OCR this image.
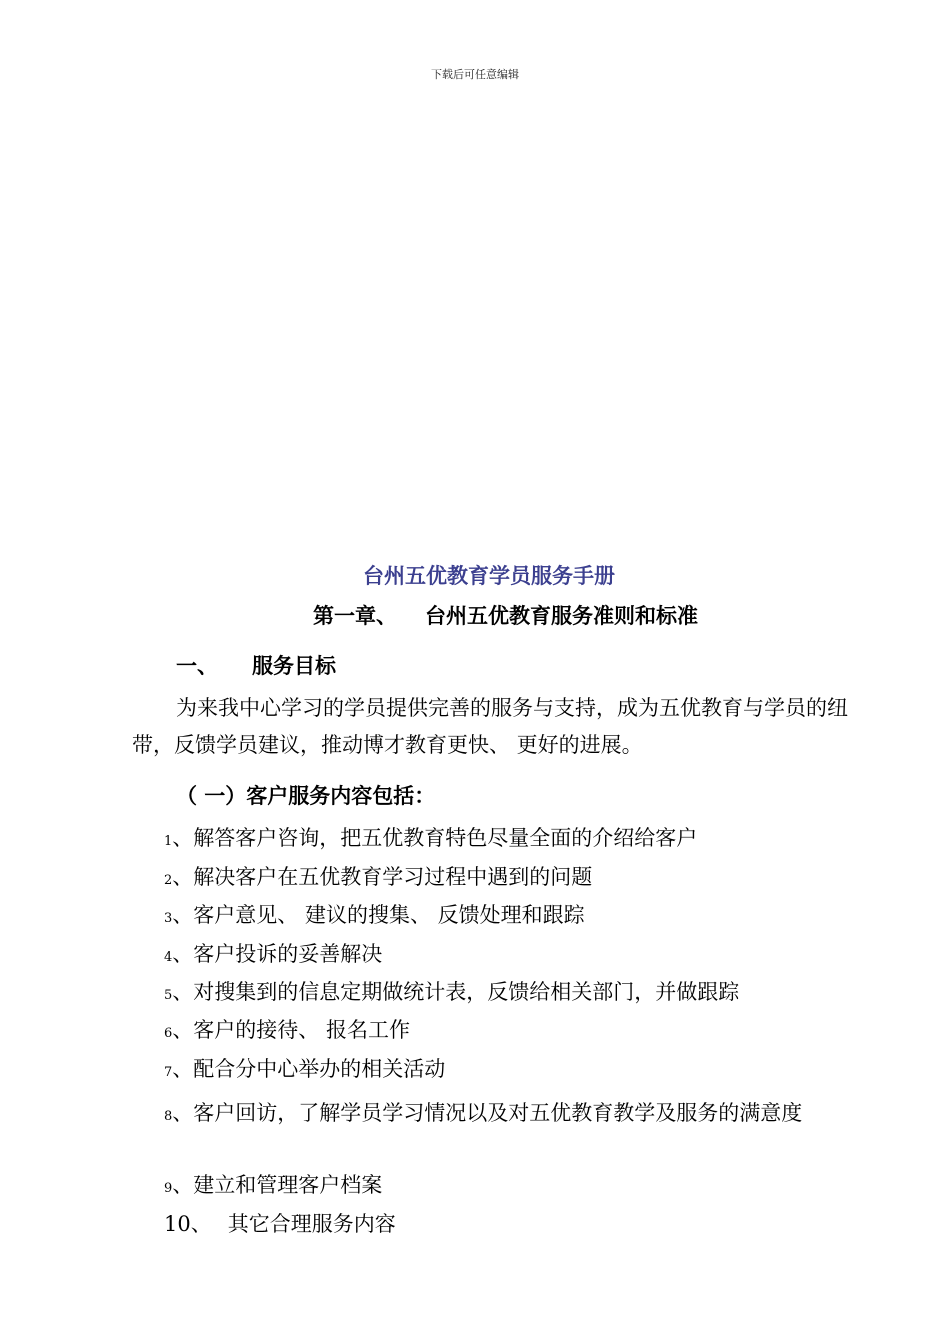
下载后可任意编辑
台州五优教育学员服务手册
第一章、 台州五优教育服务准则和标准
一、 服务目标
为来我中心学习的学员提供完善的服务与支持，成为五优教育与学员的纽带，反馈学员建议，推动博才教育更快、 更好的进展。
（ 一）客户服务内容包括：
1、解答客户咨询，把五优教育特色尽量全面的介绍给客户
2、解决客户在五优教育学习过程中遇到的问题
3、客户意见、 建议的搜集、 反馈处理和跟踪
4、客户投诉的妥善解决
5、对搜集到的信息定期做统计表，反馈给相关部门，并做跟踪
6、客户的接待、 报名工作
7、配合分中心举办的相关活动
8、客户回访，了解学员学习情况以及对五优教育教学及服务的满意度
9、建立和管理客户档案
10、 其它合理服务内容
